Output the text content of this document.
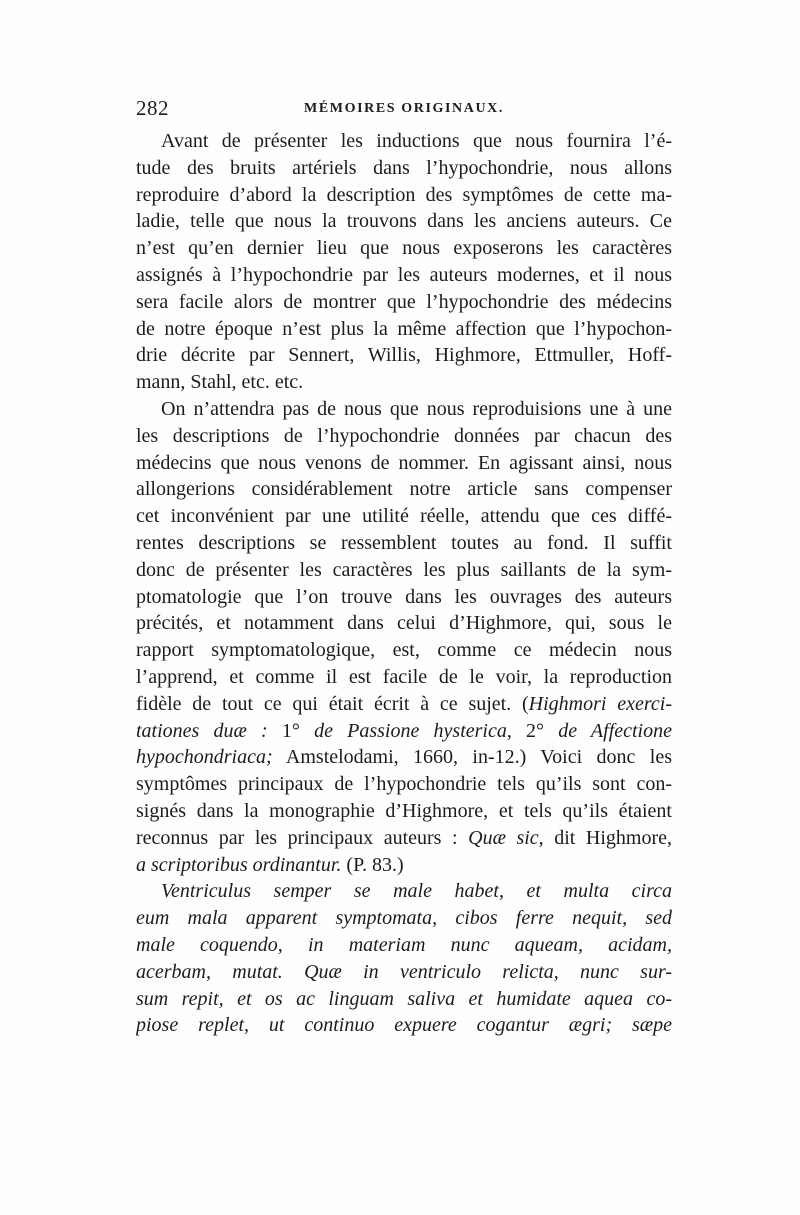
282	MÉMOIRES ORIGINAUX.
Avant de présenter les inductions que nous fournira l’é-
tude des bruits artériels dans l’hypochondrie, nous allons
reproduire d’abord la description des symptômes de cette ma-
ladie, telle que nous la trouvons dans les anciens auteurs. Ce
n’est qu’en dernier lieu que nous exposerons les caractères
assignés à l’hypochondrie par les auteurs modernes, et il nous
sera facile alors de montrer que l’hypochondrie des médecins
de notre époque n’est plus la même affection que l’hypochon-
drie décrite par Sennert, Willis, Highmore, Ettmuller, Hoff-
mann, Stahl, etc. etc.
On n’attendra pas de nous que nous reproduisions une à une
les descriptions de l’hypochondrie données par chacun des
médecins que nous venons de nommer. En agissant ainsi, nous
allongerions considérablement notre article sans compenser
cet inconvénient par une utilité réelle, attendu que ces diffé-
rentes descriptions se ressemblent toutes au fond. Il suffit
donc de présenter les caractères les plus saillants de la sym-
ptomatologie que l’on trouve dans les ouvrages des auteurs
précités, et notamment dans celui d’Highmore, qui, sous le
rapport symptomatologique, est, comme ce médecin nous
l’apprend, et comme il est facile de le voir, la reproduction
fidèle de tout ce qui était écrit à ce sujet. (Highmori exerci-
tationes duæ : 1° de Passione hysterica, 2° de Affectione
hypochondriaca; Amstelodami, 1660, in-12.) Voici donc les
symptômes principaux de l’hypochondrie tels qu’ils sont con-
signés dans la monographie d’Highmore, et tels qu’ils étaient
reconnus par les principaux auteurs : Quæ sic, dit Highmore,
a scriptoribus ordinantur. (P. 83.)
Ventriculus semper se male habet, et multa circa
eum mala apparent symptomata, cibos ferre nequit, sed
male coquendo, in materiam nunc aqueam, acidam,
acerbam, mutat. Quæ in ventriculo relicta, nunc sur-
sum repit, et os ac linguam saliva et humidate aquea co-
piose replet, ut continuo expuere cogantur ægri; sæpe
